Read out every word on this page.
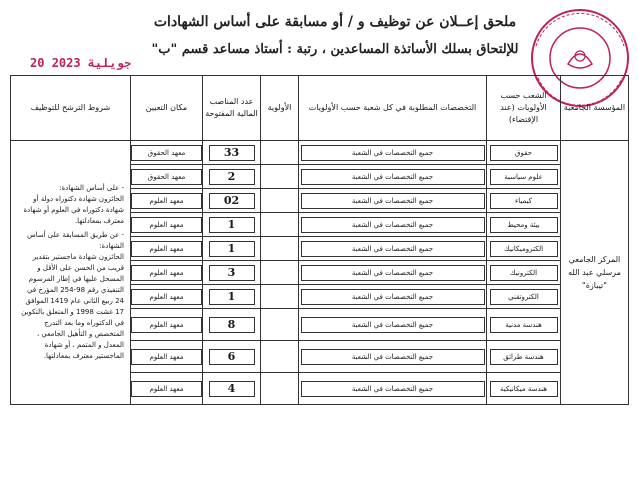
ملحق إعــلان عن توظيف و / أو مسابقة على أساس الشهادات
للإلتحاق بسلك الأساتذة المساعدين ، رتبة : أستاذ مساعد قسم "ب"
20 جويلية 2023
المؤسسة الجامعية	الشعب حسب الأولويات (عند الإقتضاء)	التخصصات المطلوبة في كل شعبة حسب الأولويات	الأولوية	عدد المناصب المالية المفتوحة	مكان التعيين	شروط الترشح للتوظيف
المركز الجامعي مرسلي عبد الله "تيبازة"	حقوق	جميع التخصصات في الشعبة		33	معهد الحقوق	- على أساس الشهادة:
الحائزون شهادة دكتوراه دولة أو شهادة دكتوراه في العلوم أو شهادة معترف بمعادلتها.
- عن طريق المسابقة على أساس الشهادة:
الحائزون شهادة ماجستير بتقدير قريب من الحسن على الأقل و المسجل عليها في إطار المرسوم التنفيذي رقم 98-254 المؤرخ في 24 ربيع الثاني عام 1419 الموافق 17 غشت 1998 و المتعلق بالتكوين في الدكتوراه وما بعد التدرج المتخصص و التأهيل الجامعي ، المعدل و المتمم ، أو شهادة الماجستير معترف بمعادلتها.

	علوم سياسية	جميع التخصصات في الشعبة		2	معهد الحقوق	

	كيمياء	جميع التخصصات في الشعبة		02	معهد العلوم	

	بيئة ومحيط	جميع التخصصات في الشعبة		1	معهد العلوم	

	الكتروميكانيك	جميع التخصصات في الشعبة		1	معهد العلوم	

	الكترونيك	جميع التخصصات في الشعبة		3	معهد العلوم	

	الكتروتقني	جميع التخصصات في الشعبة		1	معهد العلوم	

	هندسة مدنية	جميع التخصصات في الشعبة		8	معهد العلوم	

	هندسة طرائق	جميع التخصصات في الشعبة		6	معهد العلوم	

	هندسة ميكانيكية	جميع التخصصات في الشعبة		4	معهد العلوم	
